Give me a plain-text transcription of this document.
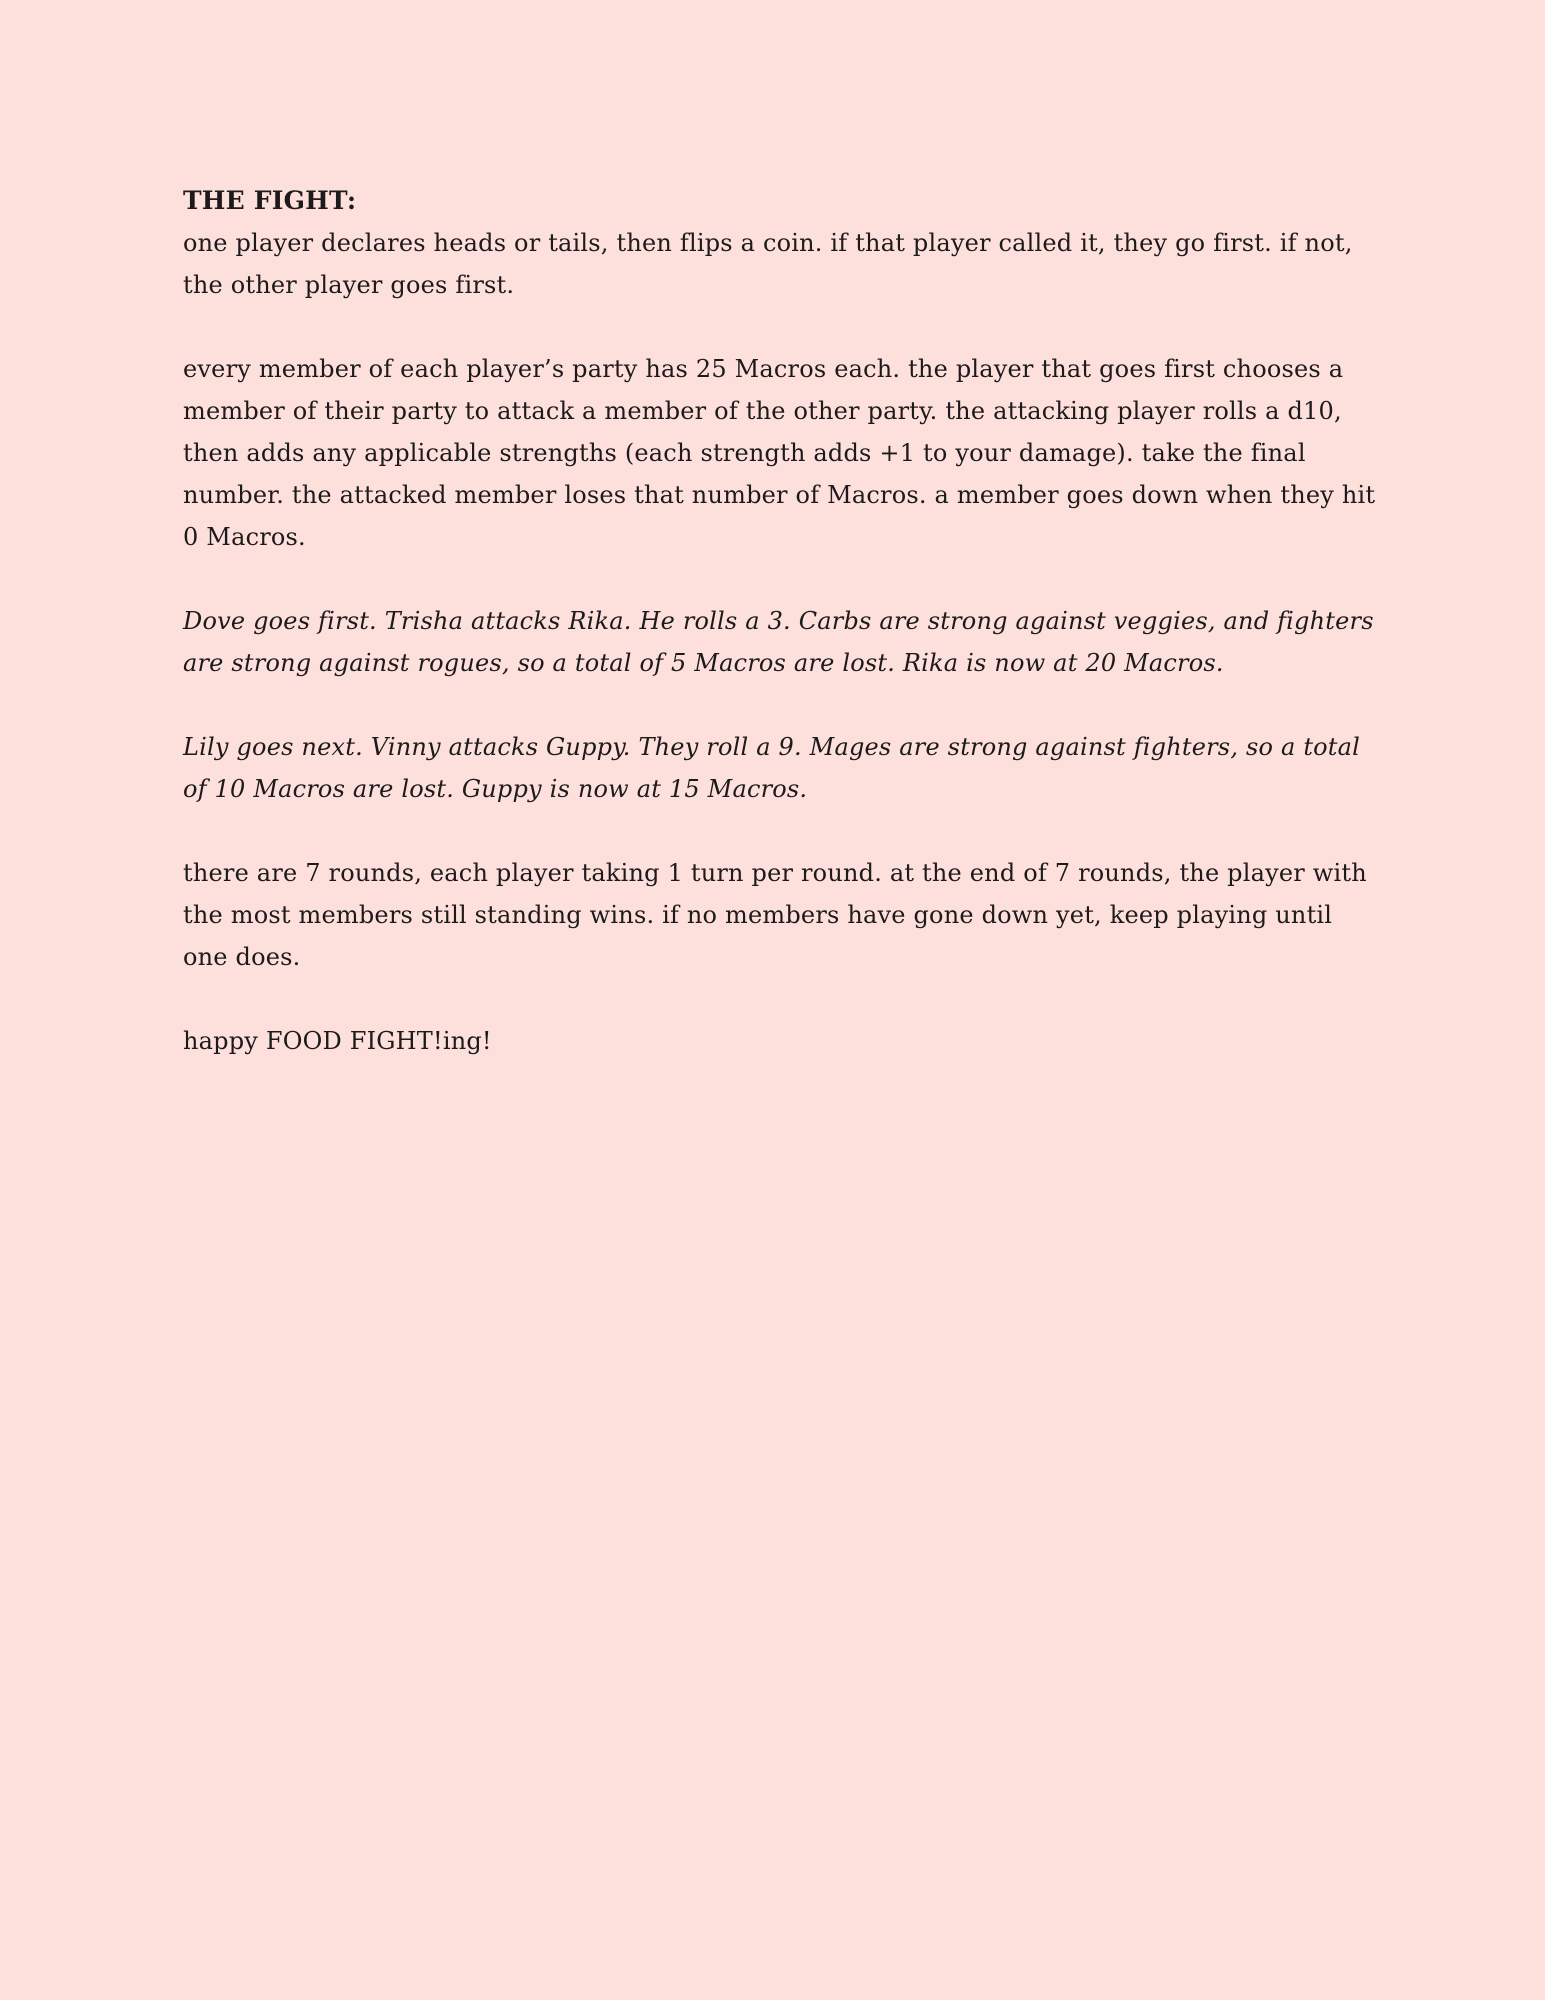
THE FIGHT:

one player declares heads or tails, then flips a coin. if that player called it, they go first. if not, the other player goes first.

every member of each player’s party has 25 Macros each. the player that goes first chooses a member of their party to attack a member of the other party. the attacking player rolls a d10, then adds any applicable strengths (each strength adds +1 to your damage). take the final number. the attacked member loses that number of Macros. a member goes down when they hit 0 Macros.

Dove goes first. Trisha attacks Rika. He rolls a 3. Carbs are strong against veggies, and fighters are strong against rogues, so a total of 5 Macros are lost. Rika is now at 20 Macros.

Lily goes next. Vinny attacks Guppy. They roll a 9. Mages are strong against fighters, so a total of 10 Macros are lost. Guppy is now at 15 Macros.

there are 7 rounds, each player taking 1 turn per round. at the end of 7 rounds, the player with the most members still standing wins. if no members have gone down yet, keep playing until one does.

happy FOOD FIGHT!ing!
